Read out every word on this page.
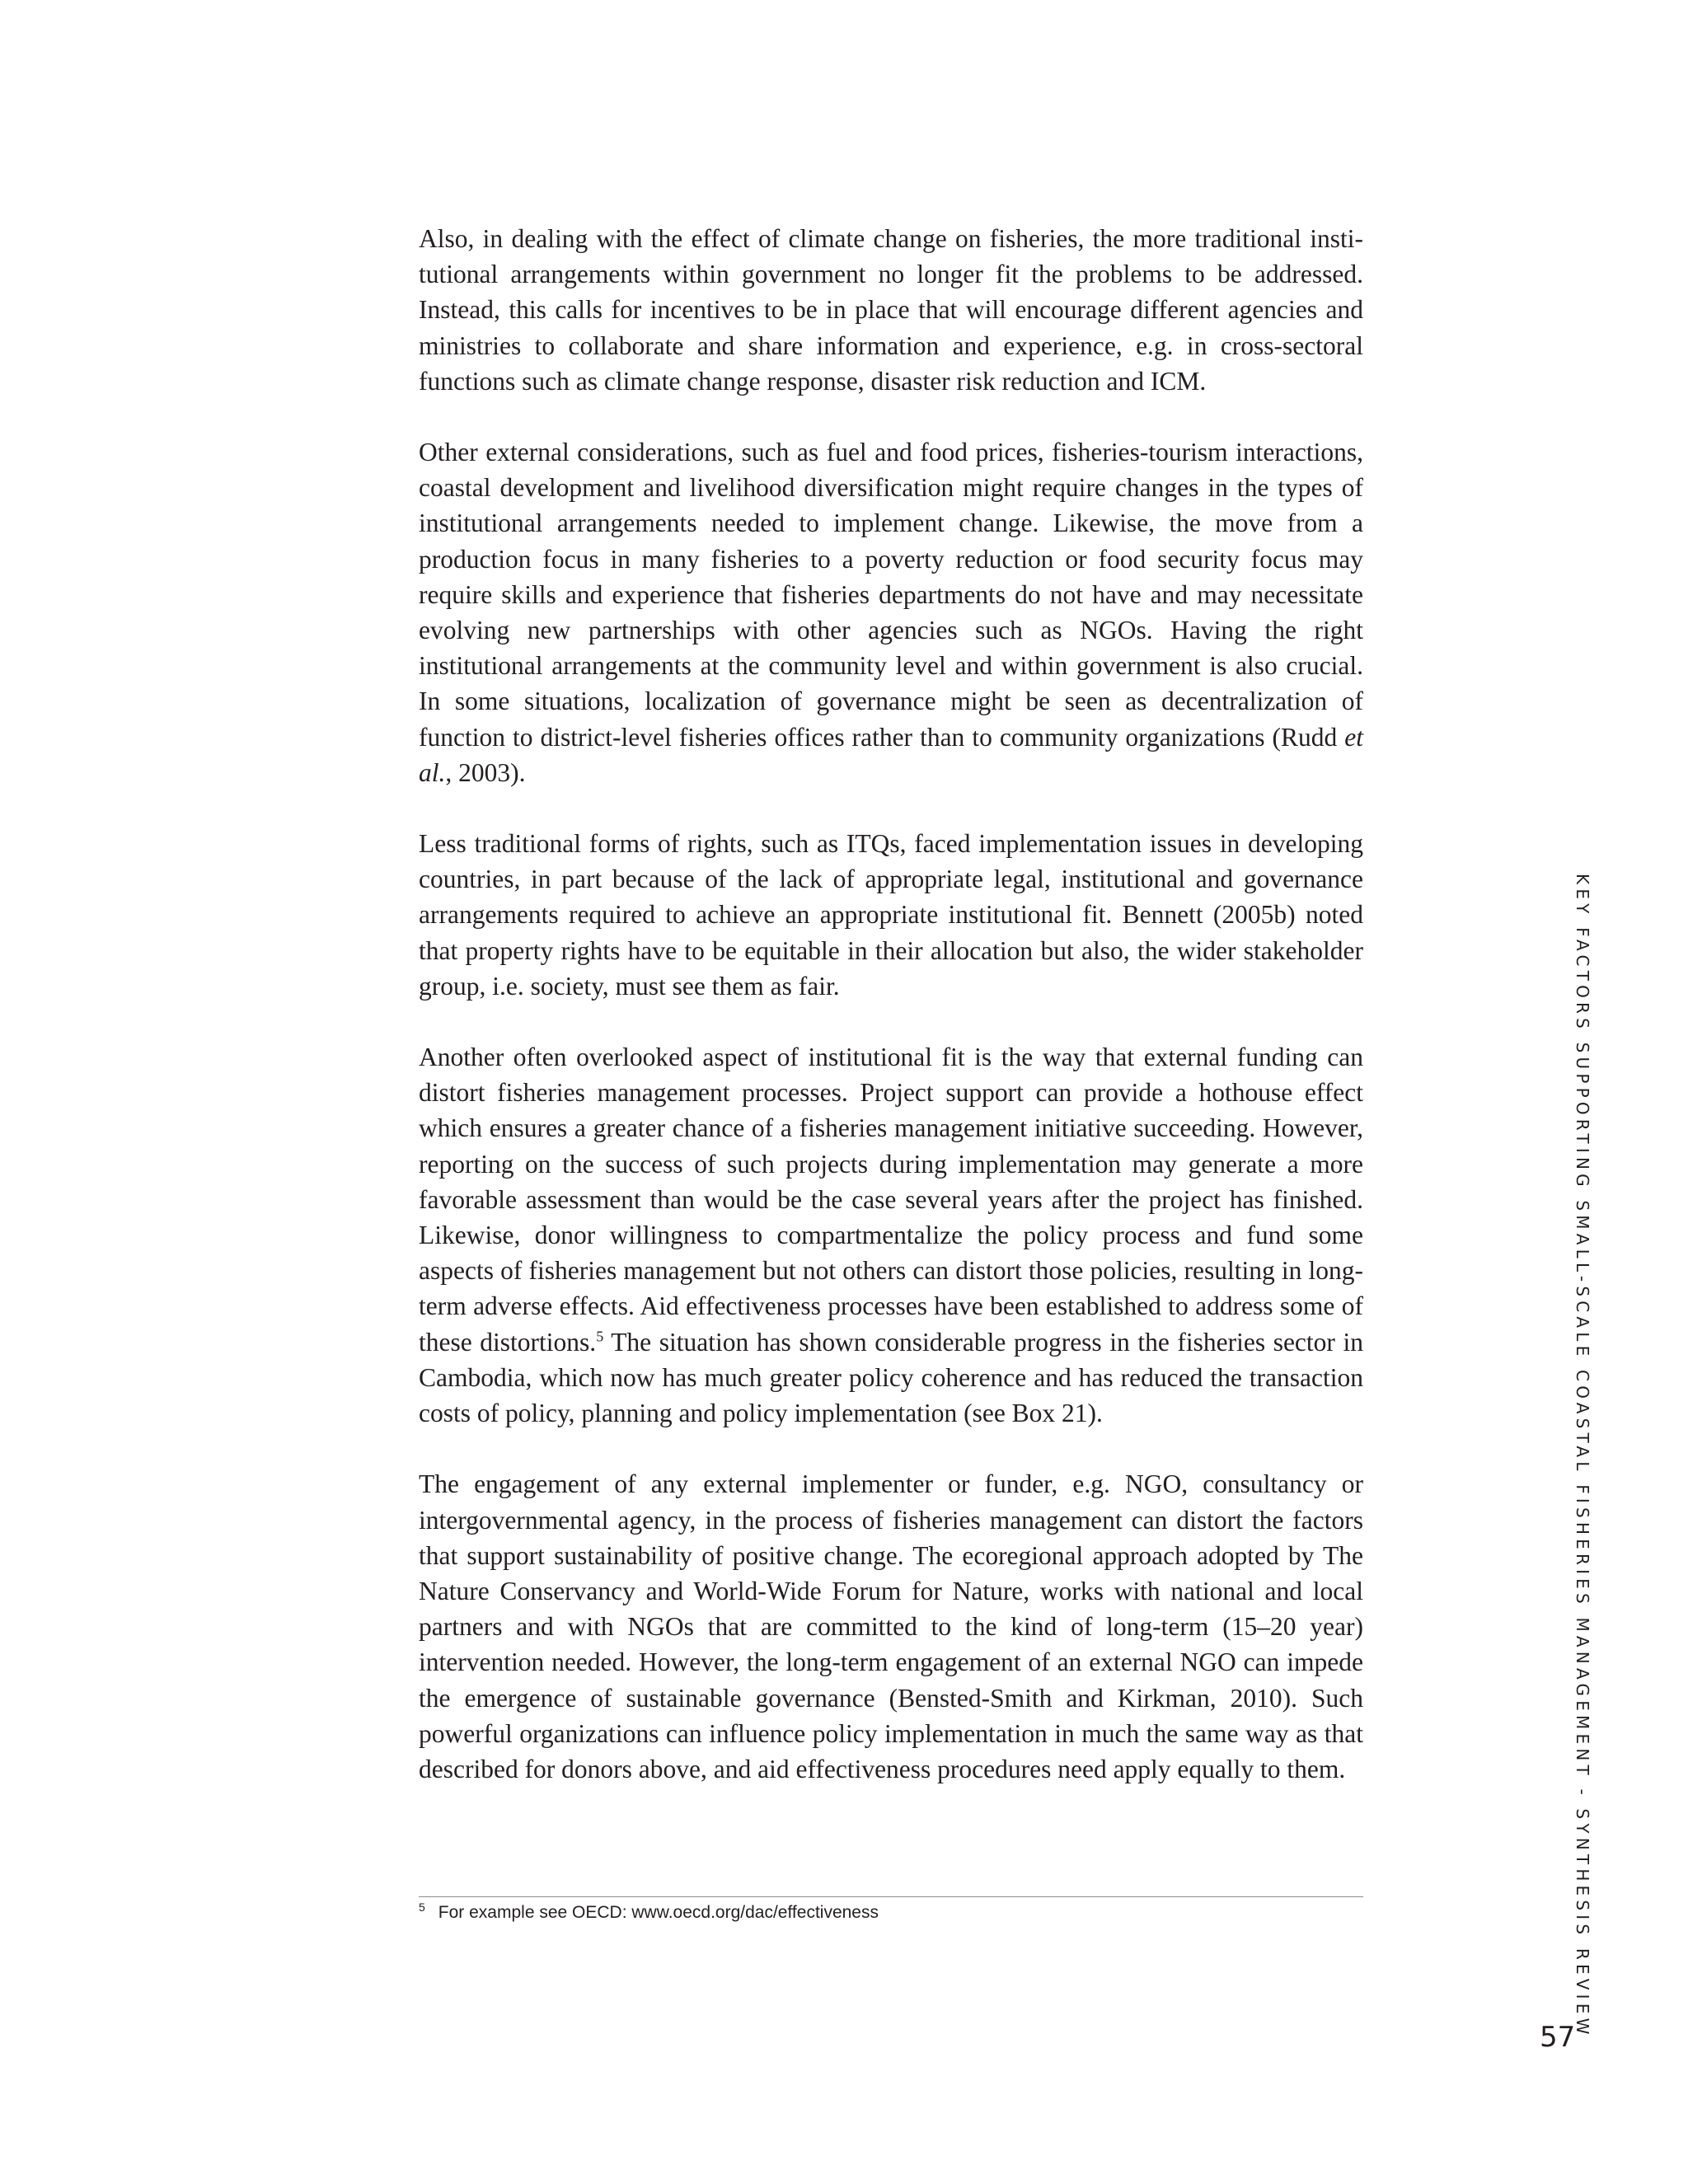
Also, in dealing with the effect of climate change on fisheries, the more traditional institutional arrangements within government no longer fit the problems to be addressed. Instead, this calls for incentives to be in place that will encourage different agencies and ministries to collaborate and share information and experience, e.g. in cross-sectoral functions such as climate change response, disaster risk reduction and ICM.

Other external considerations, such as fuel and food prices, fisheries-tourism interactions, coastal development and livelihood diversification might require changes in the types of institutional arrangements needed to implement change. Likewise, the move from a production focus in many fisheries to a poverty reduction or food security focus may require skills and experience that fisheries departments do not have and may necessitate evolving new partnerships with other agencies such as NGOs. Having the right institutional arrangements at the community level and within government is also crucial. In some situations, localization of governance might be seen as decentralization of function to district-level fisheries offices rather than to community organizations (Rudd et al., 2003).

Less traditional forms of rights, such as ITQs, faced implementation issues in developing countries, in part because of the lack of appropriate legal, institutional and governance arrangements required to achieve an appropriate institutional fit. Bennett (2005b) noted that property rights have to be equitable in their allocation but also, the wider stakeholder group, i.e. society, must see them as fair.

Another often overlooked aspect of institutional fit is the way that external funding can distort fisheries management processes. Project support can provide a hothouse effect which ensures a greater chance of a fisheries management initiative succeeding. However, reporting on the success of such projects during implementation may generate a more favorable assessment than would be the case several years after the project has finished. Likewise, donor willingness to compartmentalize the policy process and fund some aspects of fisheries management but not others can distort those policies, resulting in long-term adverse effects. Aid effectiveness processes have been established to address some of these distortions.$^5$ The situation has shown considerable progress in the fisheries sector in Cambodia, which now has much greater policy coherence and has reduced the transaction costs of policy, planning and policy implementation (see Box 21).

The engagement of any external implementer or funder, e.g. NGO, consultancy or intergovernmental agency, in the process of fisheries management can distort the factors that support sustainability of positive change. The ecoregional approach adopted by The Nature Conservancy and World-Wide Forum for Nature, works with national and local partners and with NGOs that are committed to the kind of long-term (15–20 year) intervention needed. However, the long-term engagement of an external NGO can impede the emergence of sustainable governance (Bensted-Smith and Kirkman, 2010). Such powerful organizations can influence policy implementation in much the same way as that described for donors above, and aid effectiveness procedures need apply equally to them.

$^5$ For example see OECD: www.oecd.org/dac/effectiveness	KEY FACTORS SUPPORTING SMALL-SCALE COASTAL FISHERIES MANAGEMENT - SYNTHESIS REVIEW
57
